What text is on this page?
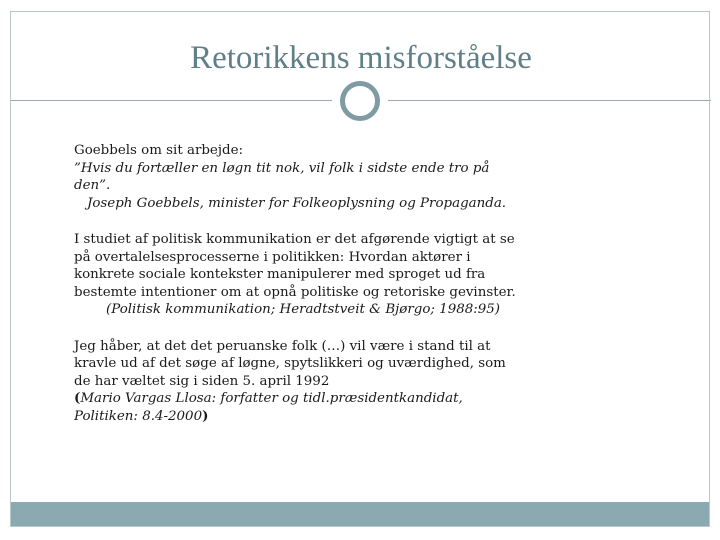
Retorikkens misforståelse
Goebbels om sit arbejde:
”Hvis du fortæller en løgn tit nok, vil folk i sidste ende tro på
den”.
Joseph Goebbels, minister for Folkeoplysning og Propaganda.
I studiet af politisk kommunikation er det afgørende vigtigt at se
på overtalelsesprocesserne i politikken: Hvordan aktører i
konkrete sociale kontekster manipulerer med sproget ud fra
bestemte intentioner om at opnå politiske og retoriske gevinster.
(Politisk kommunikation; Heradtstveit & Bjørgo; 1988:95)
Jeg håber, at det det peruanske folk (…) vil være i stand til at
kravle ud af det søge af løgne, spytslikkeri og uværdighed, som
de har væltet sig i siden 5. april 1992
(Mario Vargas Llosa: forfatter og tidl.præsidentkandidat,
Politiken: 8.4-2000)
